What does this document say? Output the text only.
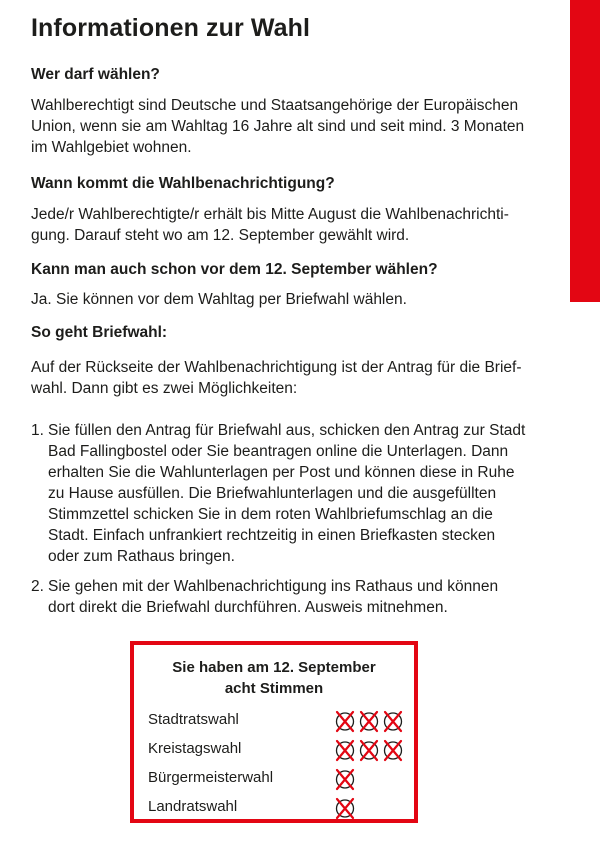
Informationen zur Wahl

Wer darf wählen?

Wahlberechtigt sind Deutsche und Staatsangehörige der Europäischen
Union, wenn sie am Wahltag 16 Jahre alt sind und seit mind. 3 Monaten
im Wahlgebiet wohnen.

Wann kommt die Wahlbenachrichtigung?

Jede/r Wahlberechtigte/r erhält bis Mitte August die Wahlbenachrichti-
gung. Darauf steht wo am 12. September gewählt wird.

Kann man auch schon vor dem 12. September wählen?

Ja. Sie können vor dem Wahltag per Briefwahl wählen.

So geht Briefwahl:

Auf der Rückseite der Wahlbenachrichtigung ist der Antrag für die Brief-
wahl. Dann gibt es zwei Möglichkeiten:
1. Sie füllen den Antrag für Briefwahl aus, schicken den Antrag zur Stadt
Bad Fallingbostel oder Sie beantragen online die Unterlagen. Dann
erhalten Sie die Wahlunterlagen per Post und können diese in Ruhe
zu Hause ausfüllen. Die Briefwahlunterlagen und die ausgefüllten
Stimmzettel schicken Sie in dem roten Wahlbriefumschlag an die
Stadt. Einfach unfrankiert rechtzeitig in einen Briefkasten stecken
oder zum Rathaus bringen.
2. Sie gehen mit der Wahlbenachrichtigung ins Rathaus und können
dort direkt die Briefwahl durchführen. Ausweis mitnehmen.
Sie haben am 12. September
acht Stimmen
Stadtratswahl
Kreistagswahl
Bürgermeisterwahl
Landratswahl
